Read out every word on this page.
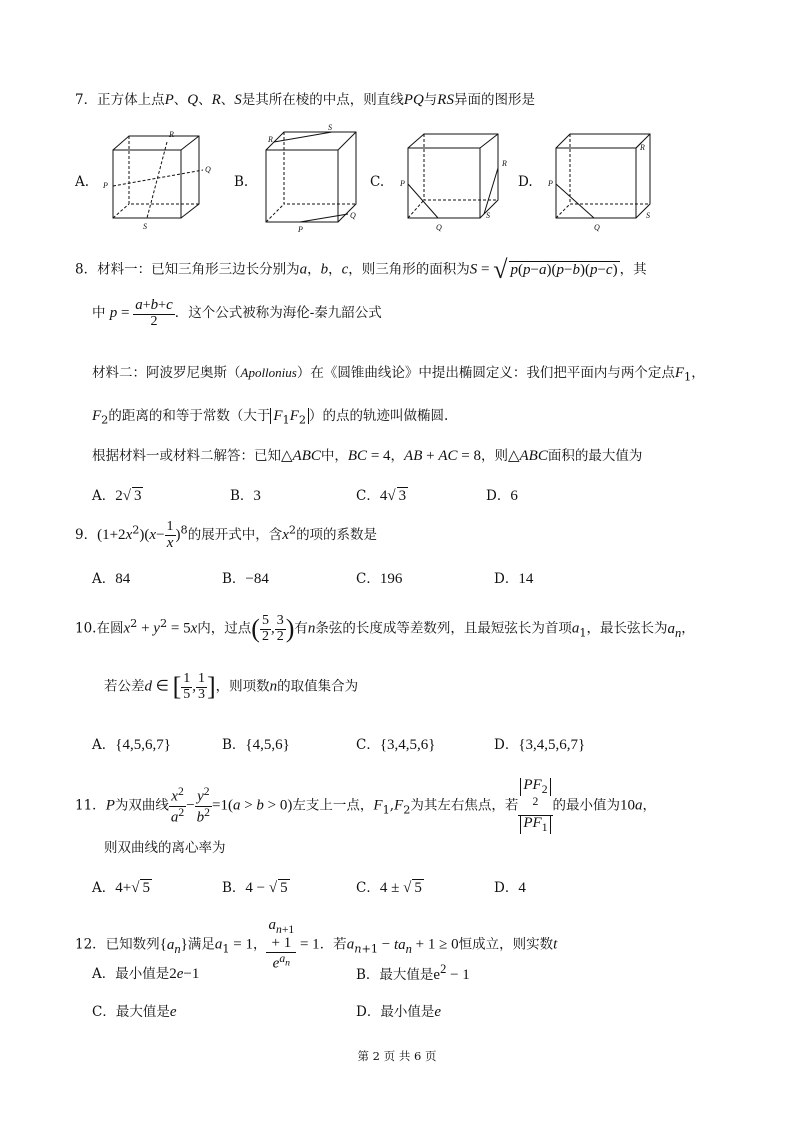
7．正方体上点P、Q、R、S是其所在棱的中点，则直线PQ与RS异面的图形是
A.	B.	C.	D.
R
Q
P
S
R
S
Q
P
P
R
Q
S
P
R
Q
S
8．材料一：已知三角形三边长分别为a，b，c，则三角形的面积为S = √ p(p−a)(p−b)(p−c) ，其
中 $p = \frac{a+b+c}{2}$ ．这个公式被称为海伦-秦九韶公式
材料二：阿波罗尼奥斯（Apollonius）在《圆锥曲线论》中提出椭圆定义：我们把平面内与两个定点$F_1$，
$F_2$的距离的和等于常数（大于 $F_1F_2$ ）的点的轨迹叫做椭圆.
根据材料一或材料二解答：已知△ABC中，BC = 4，AB + AC = 8，则△ABC面积的最大值为
A．2√ 3	B．3	C．4√ 3	D．6
9．$(1+2x^2)(x- \frac{1}{x} )^8$的展开式中，含$x^2$的项的系数是
A．84	B．−84	C．196	D．14
10.在圆$x^2 + y^2 = 5x$内，过点( $\frac{5}{2}$ , $\frac{3}{2}$ )有n条弦的长度成等差数列，且最短弦长为首项$a_1$，最长弦长为$a_n$，
若公差d ∈ [ $\frac{1}{5}$ , $\frac{1}{3}$ ]，则项数n的取值集合为
A．{4,5,6,7}	B．{4,5,6}	C．{3,4,5,6}	D．{3,4,5,6,7}
11．P为双曲线 $\frac{x^2}{a^2} - \frac{y^2}{b^2} =1(a > b > 0)$左支上一点，$F_1,F_2$为其左右焦点，若 $PF_2$
$^2$
$PF_1$ 的最小值为10a，
则双曲线的离心率为
A．4+√ 5	B．4 − √ 5	C．4 ± √ 5	D．4
12．已知数列$\{a_n\}$满足$a_1 = 1$， $a_{n+1}$
+ 1
$e^{a_n} = 1$．若$a_{n+1} - ta_n + 1 \ge 0$恒成立，则实数t
A．最小值是2e−1	B．最大值是$e^2 - 1$
C．最大值是e	D．最小值是e
第 2 页 共 6 页
